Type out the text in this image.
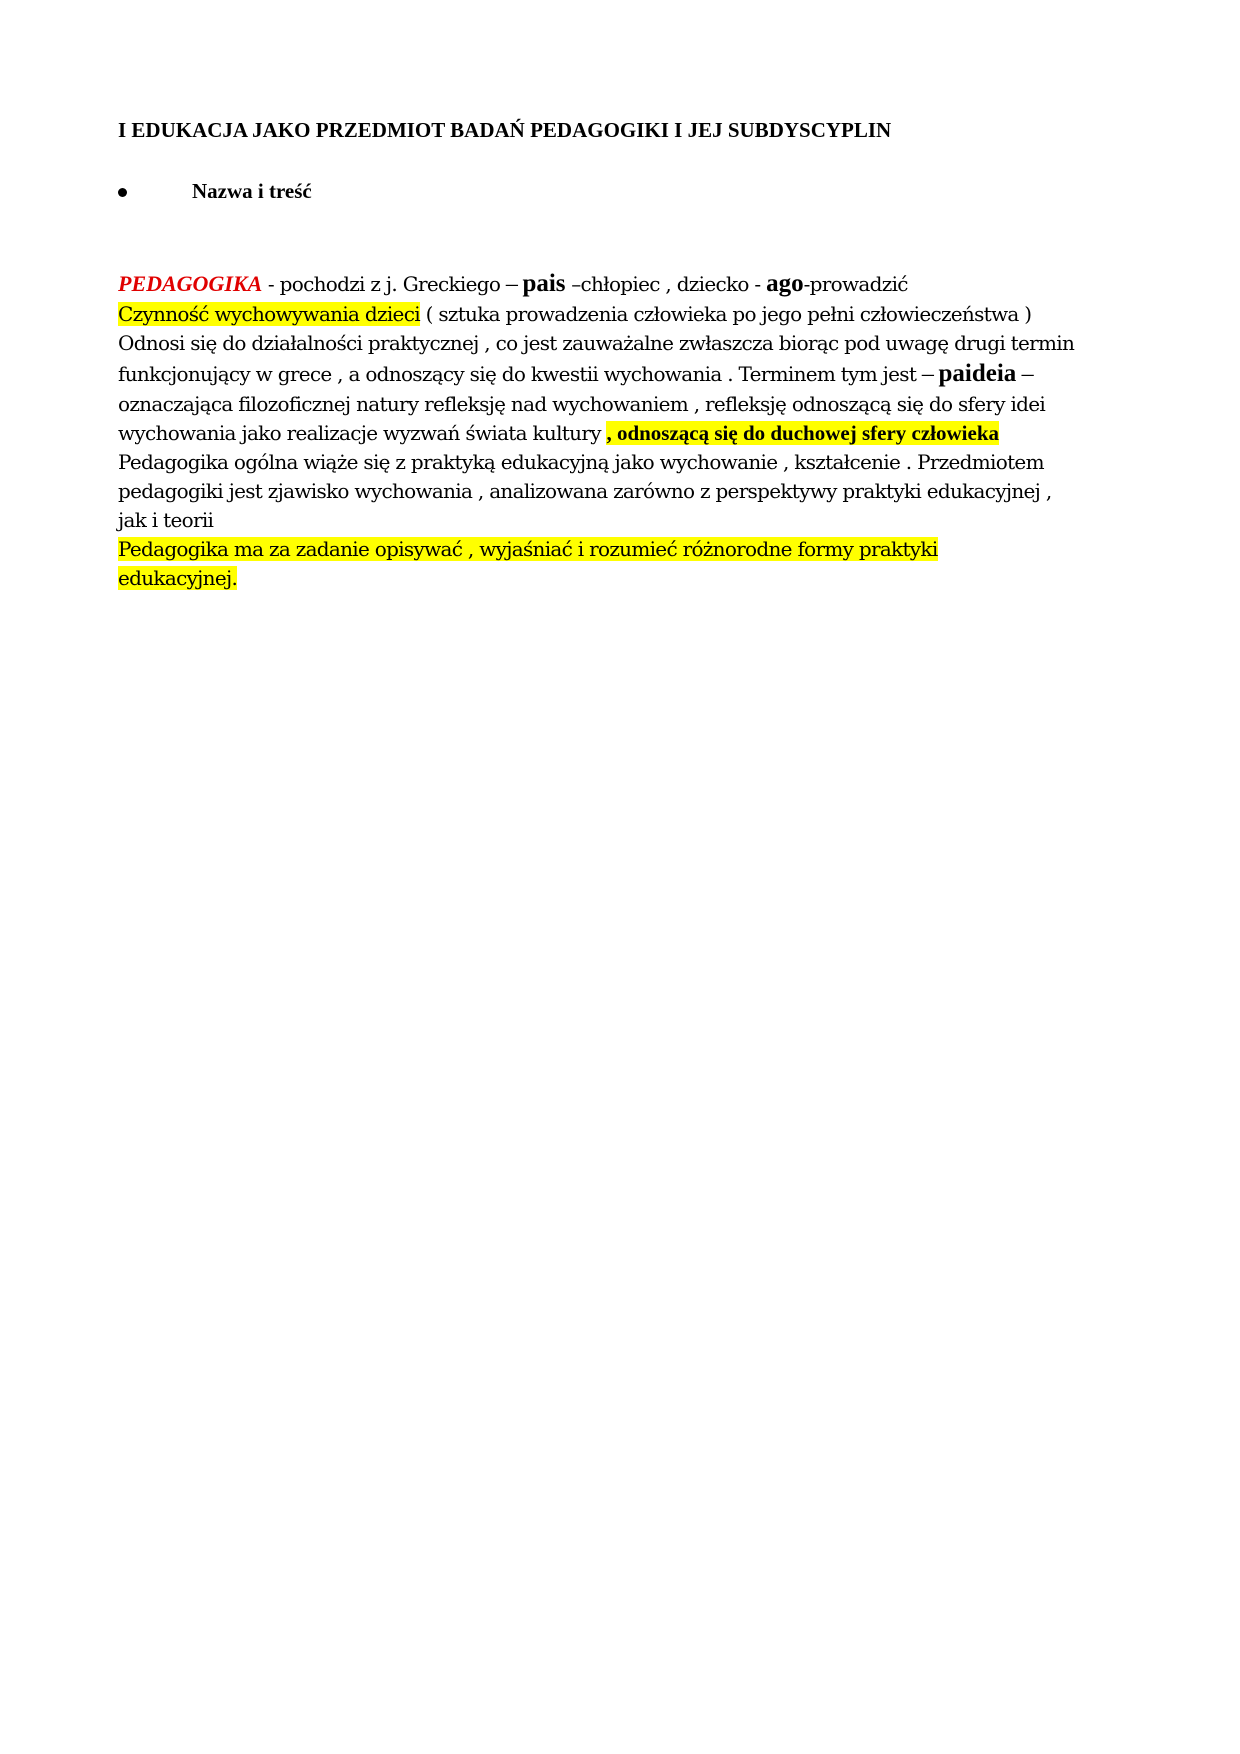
I EDUKACJA JAKO PRZEDMIOT BADAŃ PEDAGOGIKI I JEJ SUBDYSCYPLIN
Nazwa i treść
PEDAGOGIKA - pochodzi z j. Greckiego – pais –chłopiec , dziecko - ago-prowadzić
Czynność wychowywania dzieci ( sztuka prowadzenia człowieka po jego pełni człowieczeństwa )
Odnosi się do działalności praktycznej , co jest zauważalne zwłaszcza biorąc pod uwagę drugi termin
funkcjonujący w grece , a odnoszący się do kwestii wychowania . Terminem tym jest – paideia –
oznaczająca filozoficznej natury refleksję nad wychowaniem , refleksję odnoszącą się do sfery idei
wychowania jako realizacje wyzwań świata kultury , odnoszącą się do duchowej sfery człowieka
Pedagogika ogólna wiąże się z praktyką edukacyjną jako wychowanie , kształcenie . Przedmiotem
pedagogiki jest zjawisko wychowania , analizowana zarówno z perspektywy praktyki edukacyjnej ,
jak i teorii
Pedagogika ma za zadanie opisywać , wyjaśniać i rozumieć różnorodne formy praktyki
edukacyjnej.
